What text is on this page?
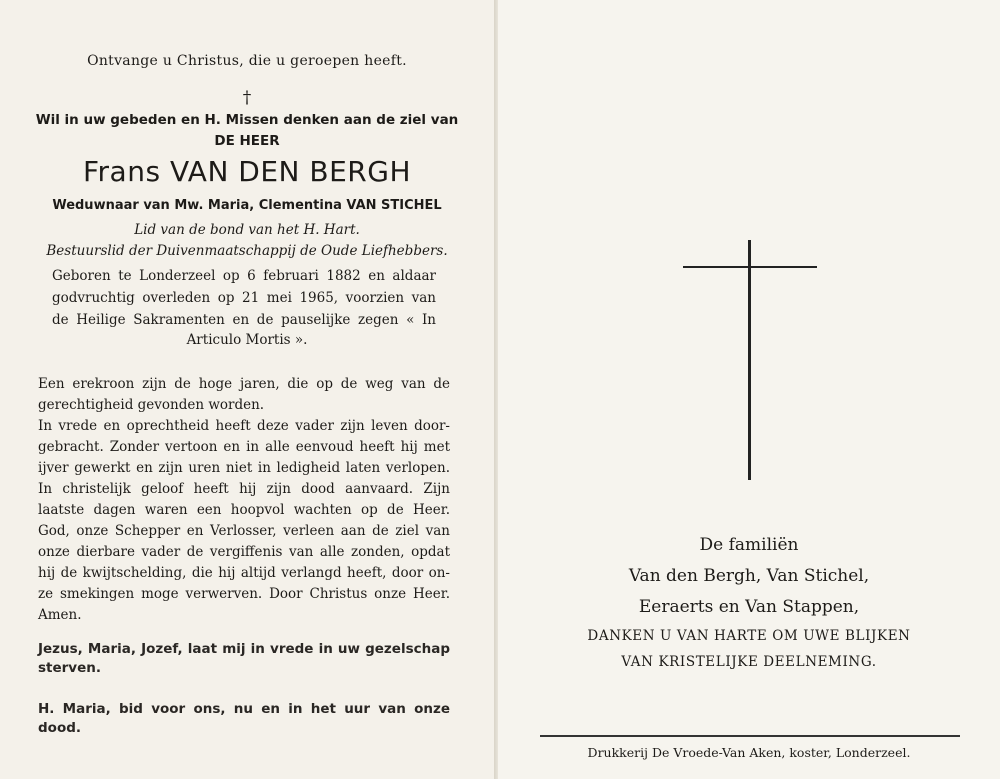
Ontvange u Christus, die u geroepen heeft.
†
Wil in uw gebeden en H. Missen denken aan de ziel van
DE HEER
Frans VAN DEN BERGH
Weduwnaar van Mw. Maria, Clementina VAN STICHEL
Lid van de bond van het H. Hart.
Bestuurslid der Duivenmaatschappij de Oude Liefhebbers.
Geboren te Londerzeel op 6 februari 1882 en aldaar
godvruchtig overleden op 21 mei 1965, voorzien van
de Heilige Sakramenten en de pauselijke zegen « In
Articulo Mortis ».
Een erekroon zijn de hoge jaren, die op de weg van de
gerechtigheid gevonden worden.
In vrede en oprechtheid heeft deze vader zijn leven door-
gebracht. Zonder vertoon en in alle eenvoud heeft hij met
ijver gewerkt en zijn uren niet in ledigheid laten verlopen.
In christelijk geloof heeft hij zijn dood aanvaard. Zijn
laatste dagen waren een hoopvol wachten op de Heer.
God, onze Schepper en Verlosser, verleen aan de ziel van
onze dierbare vader de vergiffenis van alle zonden, opdat
hij de kwijtschelding, die hij altijd verlangd heeft, door on-
ze smekingen moge verwerven. Door Christus onze Heer.
Amen.
Jezus, Maria, Jozef, laat mij in vrede in uw gezelschap sterven.
H. Maria, bid voor ons, nu en in het uur van onze dood.
De familiën
Van den Bergh, Van Stichel,
Eeraerts en Van Stappen,
DANKEN U VAN HARTE OM UWE BLIJKEN
VAN KRISTELIJKE DEELNEMING.
Drukkerij De Vroede-Van Aken, koster, Londerzeel.
